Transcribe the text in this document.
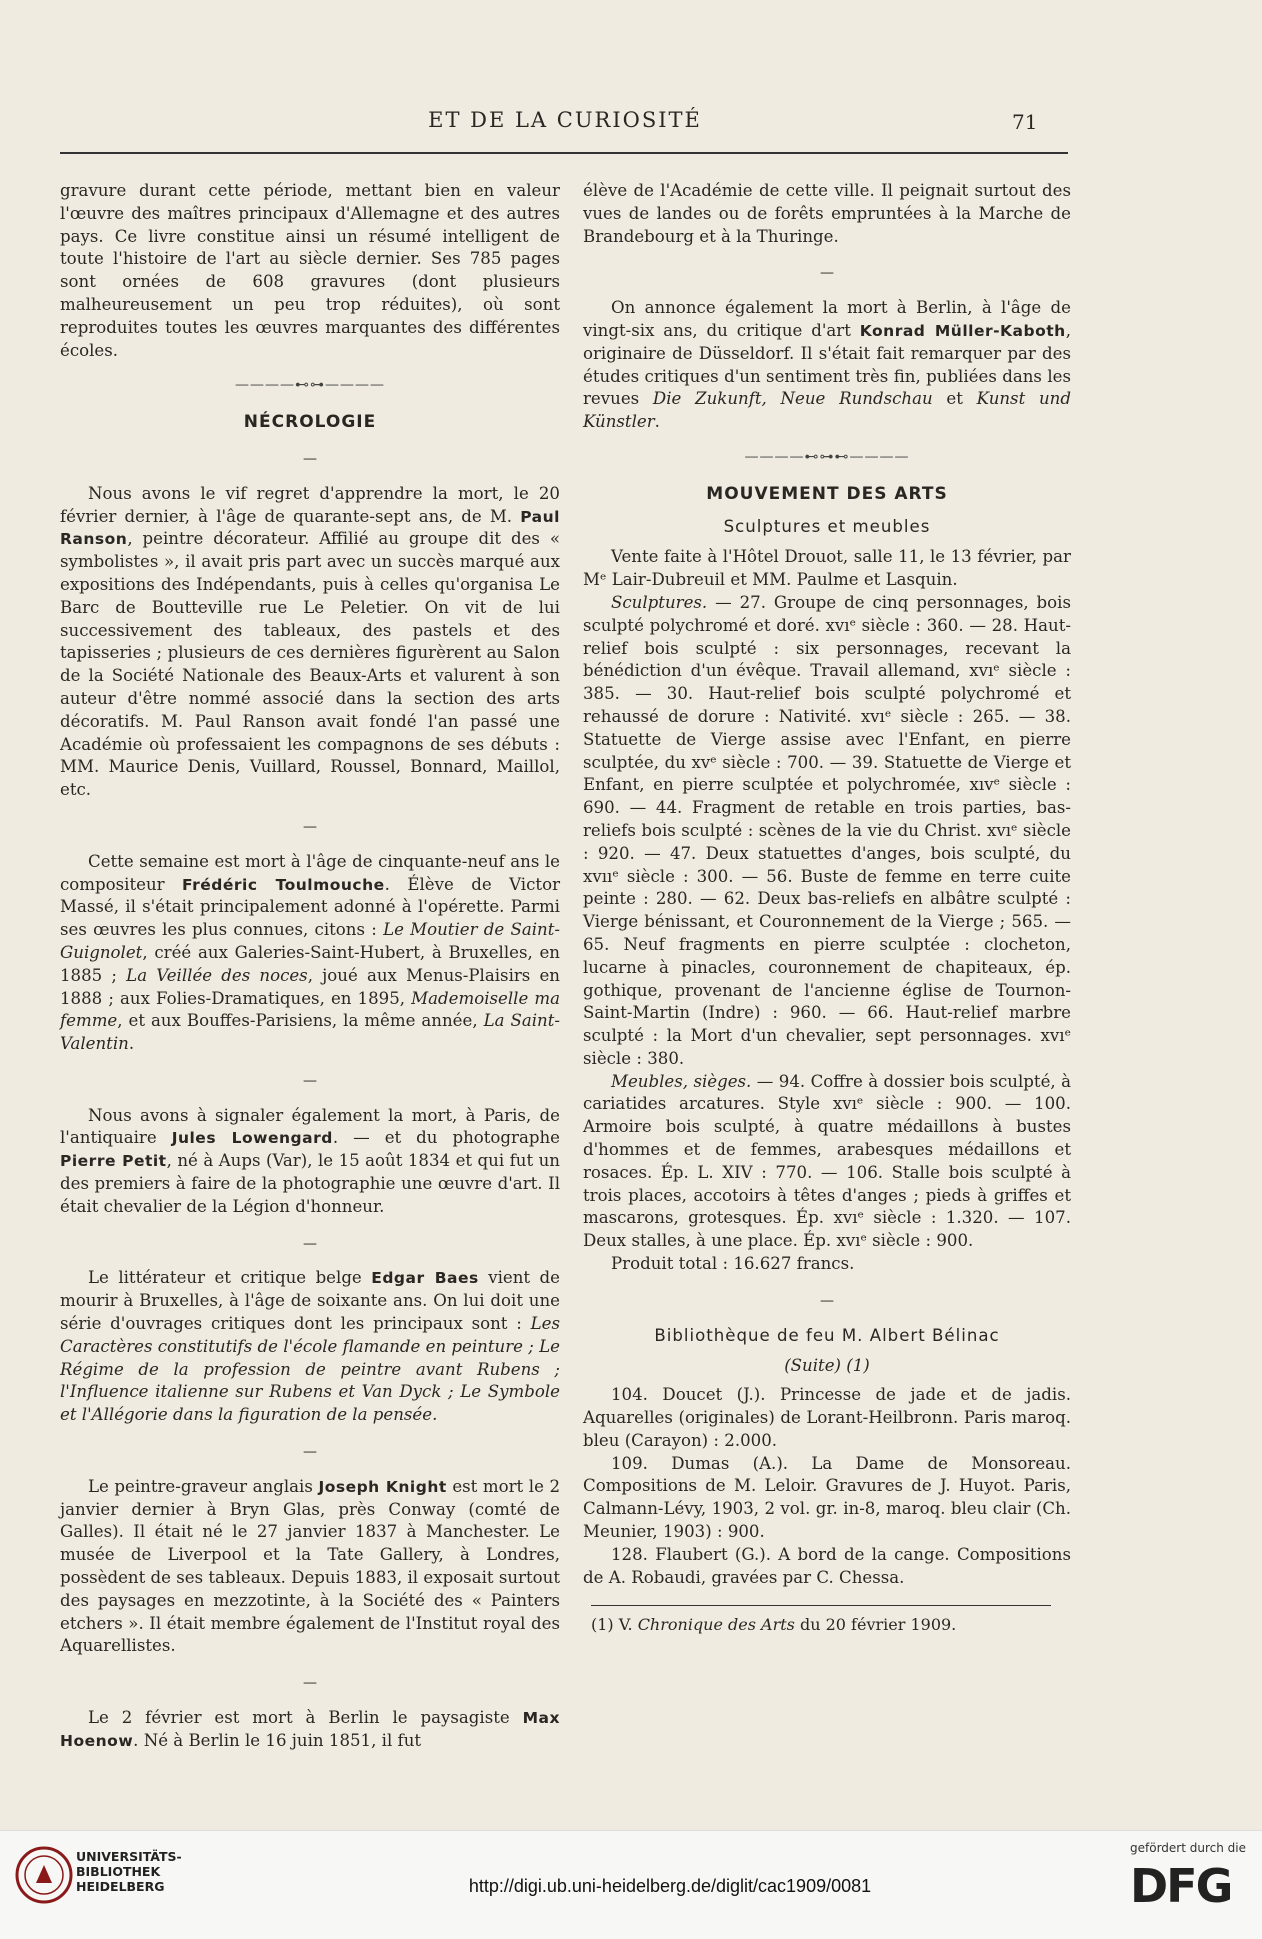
ET DE LA CURIOSITÉ	71

gravure durant cette période, mettant bien en valeur l'œuvre des maîtres principaux d'Allemagne et des autres pays. Ce livre constitue ainsi un résumé intelligent de toute l'histoire de l'art au siècle dernier. Ses 785 pages sont ornées de 608 gravures (dont plusieurs malheureusement un peu trop réduites), où sont reproduites toutes les œuvres marquantes des différentes écoles.

————⊷⊶————
NÉCROLOGIE
—

Nous avons le vif regret d'apprendre la mort, le 20 février dernier, à l'âge de quarante-sept ans, de M. Paul Ranson, peintre décorateur. Affilié au groupe dit des « symbolistes », il avait pris part avec un succès marqué aux expositions des Indépendants, puis à celles qu'organisa Le Barc de Boutteville rue Le Peletier. On vit de lui successivement des tableaux, des pastels et des tapisseries ; plusieurs de ces dernières figurèrent au Salon de la Société Nationale des Beaux-Arts et valurent à son auteur d'être nommé associé dans la section des arts décoratifs. M. Paul Ranson avait fondé l'an passé une Académie où professaient les compagnons de ses débuts : MM. Maurice Denis, Vuillard, Roussel, Bonnard, Maillol, etc.

—

Cette semaine est mort à l'âge de cinquante-neuf ans le compositeur Frédéric Toulmouche. Élève de Victor Massé, il s'était principalement adonné à l'opérette. Parmi ses œuvres les plus connues, citons : Le Moutier de Saint-Guignolet, créé aux Galeries-Saint-Hubert, à Bruxelles, en 1885 ; La Veillée des noces, joué aux Menus-Plaisirs en 1888 ; aux Folies-Dramatiques, en 1895, Mademoiselle ma femme, et aux Bouffes-Parisiens, la même année, La Saint-Valentin.

—

Nous avons à signaler également la mort, à Paris, de l'antiquaire Jules Lowengard. — et du photographe Pierre Petit, né à Aups (Var), le 15 août 1834 et qui fut un des premiers à faire de la photographie une œuvre d'art. Il était chevalier de la Légion d'honneur.

—

Le littérateur et critique belge Edgar Baes vient de mourir à Bruxelles, à l'âge de soixante ans. On lui doit une série d'ouvrages critiques dont les principaux sont : Les Caractères constitutifs de l'école flamande en peinture ; Le Régime de la profession de peintre avant Rubens ; l'Influence italienne sur Rubens et Van Dyck ; Le Symbole et l'Allégorie dans la figuration de la pensée.

—

Le peintre-graveur anglais Joseph Knight est mort le 2 janvier dernier à Bryn Glas, près Conway (comté de Galles). Il était né le 27 janvier 1837 à Manchester. Le musée de Liverpool et la Tate Gallery, à Londres, possèdent de ses tableaux. Depuis 1883, il exposait surtout des paysages en mezzotinte, à la Société des « Painters etchers ». Il était membre également de l'Institut royal des Aquarellistes.

—

Le 2 février est mort à Berlin le paysagiste Max Hoenow. Né à Berlin le 16 juin 1851, il fut

élève de l'Académie de cette ville. Il peignait surtout des vues de landes ou de forêts empruntées à la Marche de Brandebourg et à la Thuringe.

—

On annonce également la mort à Berlin, à l'âge de vingt-six ans, du critique d'art Konrad Müller-Kaboth, originaire de Düsseldorf. Il s'était fait remarquer par des études critiques d'un sentiment très fin, publiées dans les revues Die Zukunft, Neue Rundschau et Kunst und Künstler.

————⊷⊶⊷————
MOUVEMENT DES ARTS
Sculptures et meubles

Vente faite à l'Hôtel Drouot, salle 11, le 13 février, par Mᵉ Lair-Dubreuil et MM. Paulme et Lasquin.

Sculptures. — 27. Groupe de cinq personnages, bois sculpté polychromé et doré. xvıᵉ siècle : 360. — 28. Haut-relief bois sculpté : six personnages, recevant la bénédiction d'un évêque. Travail allemand, xvıᵉ siècle : 385. — 30. Haut-relief bois sculpté polychromé et rehaussé de dorure : Nativité. xvıᵉ siècle : 265. — 38. Statuette de Vierge assise avec l'Enfant, en pierre sculptée, du xvᵉ siècle : 700. — 39. Statuette de Vierge et Enfant, en pierre sculptée et polychromée, xıvᵉ siècle : 690. — 44. Fragment de retable en trois parties, bas-reliefs bois sculpté : scènes de la vie du Christ. xvıᵉ siècle : 920. — 47. Deux statuettes d'anges, bois sculpté, du xvııᵉ siècle : 300. — 56. Buste de femme en terre cuite peinte : 280. — 62. Deux bas-reliefs en albâtre sculpté : Vierge bénissant, et Couronnement de la Vierge ; 565. — 65. Neuf fragments en pierre sculptée : clocheton, lucarne à pinacles, couronnement de chapiteaux, ép. gothique, provenant de l'ancienne église de Tournon-Saint-Martin (Indre) : 960. — 66. Haut-relief marbre sculpté : la Mort d'un chevalier, sept personnages. xvıᵉ siècle : 380.

Meubles, sièges. — 94. Coffre à dossier bois sculpté, à cariatides arcatures. Style xvıᵉ siècle : 900. — 100. Armoire bois sculpté, à quatre médaillons à bustes d'hommes et de femmes, arabesques médaillons et rosaces. Ép. L. XIV : 770. — 106. Stalle bois sculpté à trois places, accotoirs à têtes d'anges ; pieds à griffes et mascarons, grotesques. Ép. xvıᵉ siècle : 1.320. — 107. Deux stalles, à une place. Ép. xvıᵉ siècle : 900.

Produit total : 16.627 francs.

—
Bibliothèque de feu M. Albert Bélinac
(Suite) (1)

104. Doucet (J.). Princesse de jade et de jadis. Aquarelles (originales) de Lorant-Heilbronn. Paris maroq. bleu (Carayon) : 2.000.

109. Dumas (A.). La Dame de Monsoreau. Compositions de M. Leloir. Gravures de J. Huyot. Paris, Calmann-Lévy, 1903, 2 vol. gr. in-8, maroq. bleu clair (Ch. Meunier, 1903) : 900.

128. Flaubert (G.). A bord de la cange. Compositions de A. Robaudi, gravées par C. Chessa.

(1) V. Chronique des Arts du 20 février 1909.

UNIVERSITÄTS-
BIBLIOTHEK
HEIDELBERG	http://digi.ub.uni-heidelberg.de/diglit/cac1909/0081
gefördert durch die
DFG
